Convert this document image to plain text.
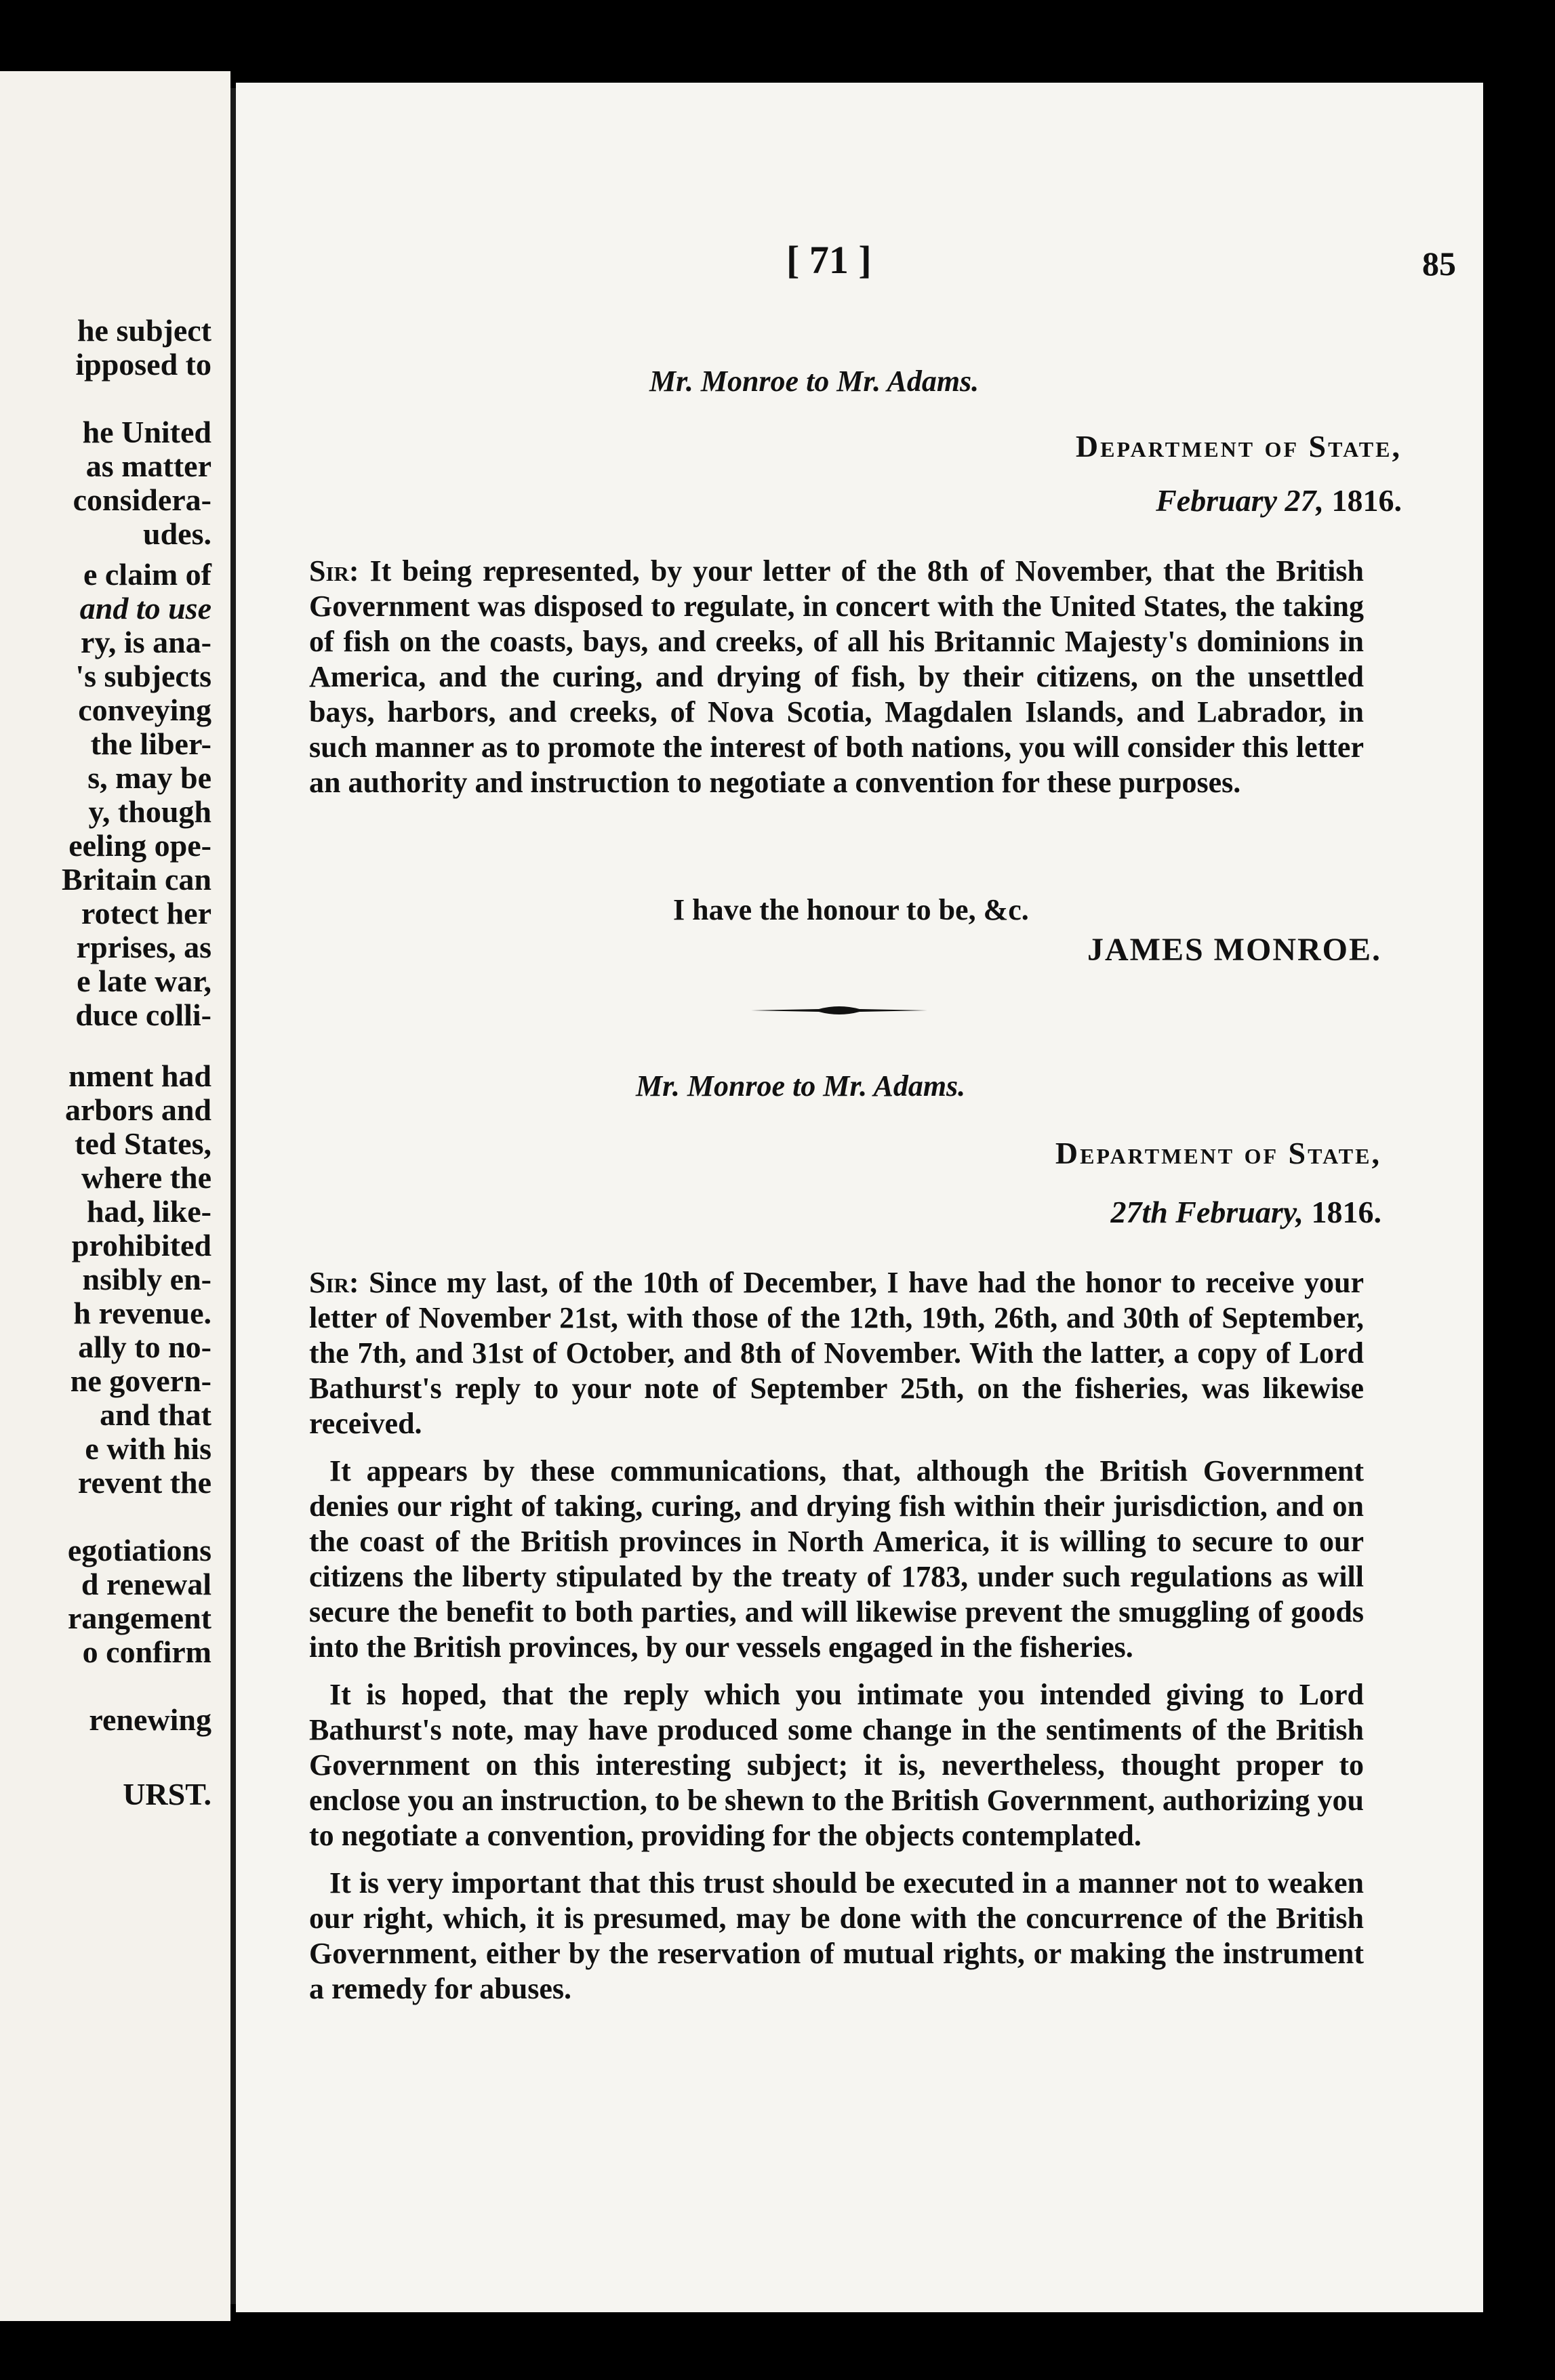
he subject
ipposed to
he United
as matter
considera-
udes.
e claim of
and to use
ry, is ana-
's subjects
conveying
the liber-
s, may be
y, though
eeling ope-
Britain can
rotect her
rprises, as
e late war,
duce colli-
nment had
arbors and
ted States,
where the
had, like-
prohibited
nsibly en-
h revenue.
ally to no-
ne govern-
and that
e with his
revent the
egotiations
d renewal
rangement
o confirm
renewing
URST.
[ 71 ]	85
Mr. Monroe to Mr. Adams.
Department of State,
February 27, 1816.

Sir: It being represented, by your letter of the 8th of November, that the British Government was disposed to regulate, in concert with the United States, the taking of fish on the coasts, bays, and creeks, of all his Britannic Majesty's dominions in America, and the curing, and drying of fish, by their citizens, on the unsettled bays, harbors, and creeks, of Nova Scotia, Magdalen Islands, and Labrador, in such manner as to promote the interest of both nations, you will consider this letter an authority and instruction to negotiate a convention for these purposes.

I have the honour to be, &c.
JAMES MONROE.
Mr. Monroe to Mr. Adams.
Department of State,
27th February, 1816.

Sir: Since my last, of the 10th of December, I have had the honor to receive your letter of November 21st, with those of the 12th, 19th, 26th, and 30th of September, the 7th, and 31st of October, and 8th of November. With the latter, a copy of Lord Bathurst's reply to your note of September 25th, on the fisheries, was likewise received.

It appears by these communications, that, although the British Government denies our right of taking, curing, and drying fish within their jurisdiction, and on the coast of the British provinces in North America, it is willing to secure to our citizens the liberty stipulated by the treaty of 1783, under such regulations as will secure the benefit to both parties, and will likewise prevent the smuggling of goods into the British provinces, by our vessels engaged in the fisheries.

It is hoped, that the reply which you intimate you intended giving to Lord Bathurst's note, may have produced some change in the sentiments of the British Government on this interesting subject; it is, nevertheless, thought proper to enclose you an instruction, to be shewn to the British Government, authorizing you to negotiate a convention, providing for the objects contemplated.

It is very important that this trust should be executed in a manner not to weaken our right, which, it is presumed, may be done with the concurrence of the British Government, either by the reservation of mutual rights, or making the instrument a remedy for abuses.
